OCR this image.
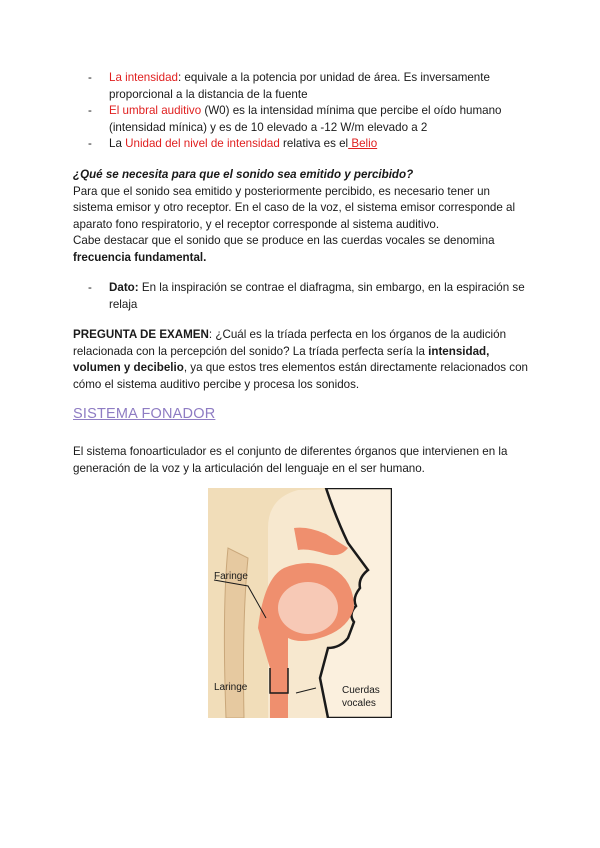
-	La intensidad: equivale a la potencia por unidad de área. Es inversamente proporcional a la distancia de la fuente
-	El umbral auditivo (W0) es la intensidad mínima que percibe el oído humano (intensidad mínica) y es de 10 elevado a -12 W/m elevado a 2
-	La Unidad del nivel de intensidad relativa es el Belio
¿Qué se necesita para que el sonido sea emitido y percibido?
Para que el sonido sea emitido y posteriormente percibido, es necesario tener un sistema emisor y otro receptor. En el caso de la voz, el sistema emisor corresponde al aparato fono respiratorio, y el receptor corresponde al sistema auditivo.
Cabe destacar que el sonido que se produce en las cuerdas vocales se denomina frecuencia fundamental.
-	Dato: En la inspiración se contrae el diafragma, sin embargo, en la espiración se relaja
PREGUNTA DE EXAMEN: ¿Cuál es la tríada perfecta en los órganos de la audición relacionada con la percepción del sonido? La tríada perfecta sería la intensidad, volumen y decibelio, ya que estos tres elementos están directamente relacionados con cómo el sistema auditivo percibe y procesa los sonidos.
SISTEMA FONADOR
El sistema fonoarticulador es el conjunto de diferentes órganos que intervienen en la generación de la voz y la articulación del lenguaje en el ser humano.
Faringe
Laringe	Cuerdas
vocales
